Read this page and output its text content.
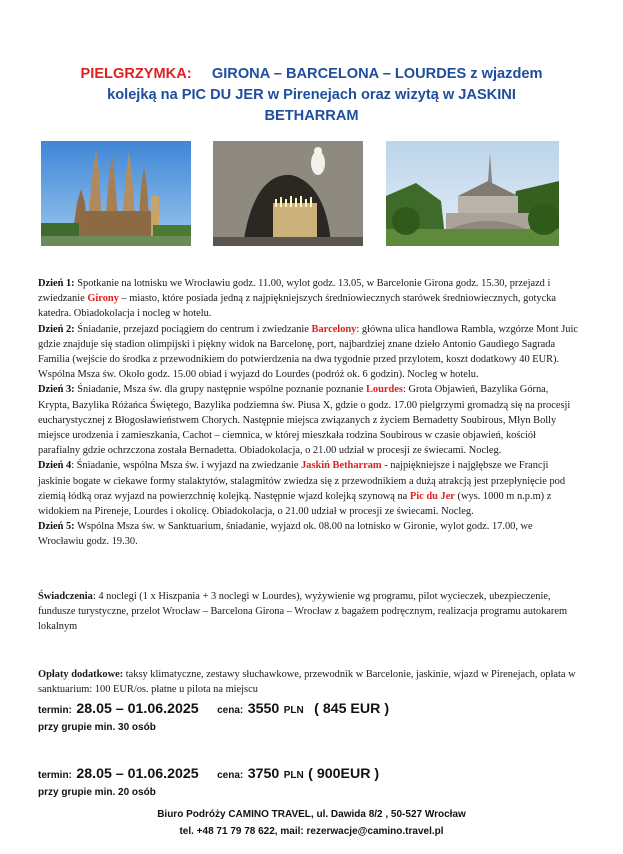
PIELGRZYMKA: GIRONA – BARCELONA – LOURDES z wjazdem
kolejką na PIC DU JER w Pirenejach oraz wizytą w JASKINI
BETHARRAM

Dzień 1: Spotkanie na lotnisku we Wrocławiu godz. 11.00, wylot godz. 13.05, w Barcelonie Girona godz. 15.30, przejazd i zwiedzanie Girony – miasto, które posiada jedną z najpiękniejszych średniowiecznych starówek średniowiecznych, gotycka katedra. Obiadokolacja i nocleg w hotelu.

Dzień 2: Śniadanie, przejazd pociągiem do centrum i zwiedzanie Barcelony: główna ulica handlowa Rambla, wzgórze Mont Juic gdzie znajduje się stadion olimpijski i piękny widok na Barcelonę, port, najbardziej znane dzieło Antonio Gaudiego Sagrada Familia (wejście do środka z przewodnikiem do potwierdzenia na dwa tygodnie przed przylotem, koszt dodatkowy 40 EUR). Wspólna Msza św. Około godz. 15.00 obiad i wyjazd do Lourdes (podróż ok. 6 godzin). Nocleg w hotelu.

Dzień 3: Śniadanie, Msza św. dla grupy następnie wspólne poznanie poznanie Lourdes: Grota Objawień, Bazylika Górna, Krypta, Bazylika Różańca Świętego, Bazylika podziemna św. Piusa X, gdzie o godz. 17.00 pielgrzymi gromadzą się na procesji eucharystycznej z Błogosławieństwem Chorych. Następnie miejsca związanych z życiem Bernadetty Soubirous, Młyn Bolly miejsce urodzenia i zamieszkania, Cachot – ciemnica, w której mieszkała rodzina Soubirous w czasie objawień, kościół parafialny gdzie ochrzczona została Bernadetta. Obiadokolacja, o 21.00 udział w procesji ze świecami. Nocleg.

Dzień 4: Śniadanie, wspólna Msza św. i wyjazd na zwiedzanie Jaskiń Betharram - najpiękniejsze i najgłębsze we Francji jaskinie bogate w ciekawe formy stalaktytów, stalagmitów zwiedza się z przewodnikiem a dużą atrakcją jest przepłynięcie pod ziemią łódką oraz wyjazd na powierzchnię kolejką. Następnie wjazd kolejką szynową na Pic du Jer (wys. 1000 m n.p.m) z widokiem na Pireneje, Lourdes i okolicę. Obiadokolacja, o 21.00 udział w procesji ze świecami. Nocleg.

Dzień 5: Wspólna Msza św. w Sanktuarium, śniadanie, wyjazd ok. 08.00 na lotnisko w Gironie, wylot godz. 17.00, we Wrocławiu godz. 19.30.

Świadczenia: 4 noclegi (1 x Hiszpania + 3 noclegi w Lourdes), wyżywienie wg programu, pilot wycieczek, ubezpieczenie, fundusze turystyczne, przelot Wrocław – Barcelona Girona – Wrocław z bagażem podręcznym, realizacja programu autokarem lokalnym
Opłaty dodatkowe: taksy klimatyczne, zestawy słuchawkowe, przewodnik w Barcelonie, jaskinie, wjazd w Pirenejach, opłata w sanktuarium: 100 EUR/os. płatne u pilota na miejscu
termin: 28.05 – 01.06.2025 cena: 3550 PLN ( 845 EUR )
przy grupie min. 30 osób
termin: 28.05 – 01.06.2025 cena: 3750 PLN ( 900EUR )
przy grupie min. 20 osób
Biuro Podróży CAMINO TRAVEL, ul. Dawida 8/2 , 50-527 Wrocław
tel. +48 71 79 78 622, mail: rezerwacje@camino.travel.pl
